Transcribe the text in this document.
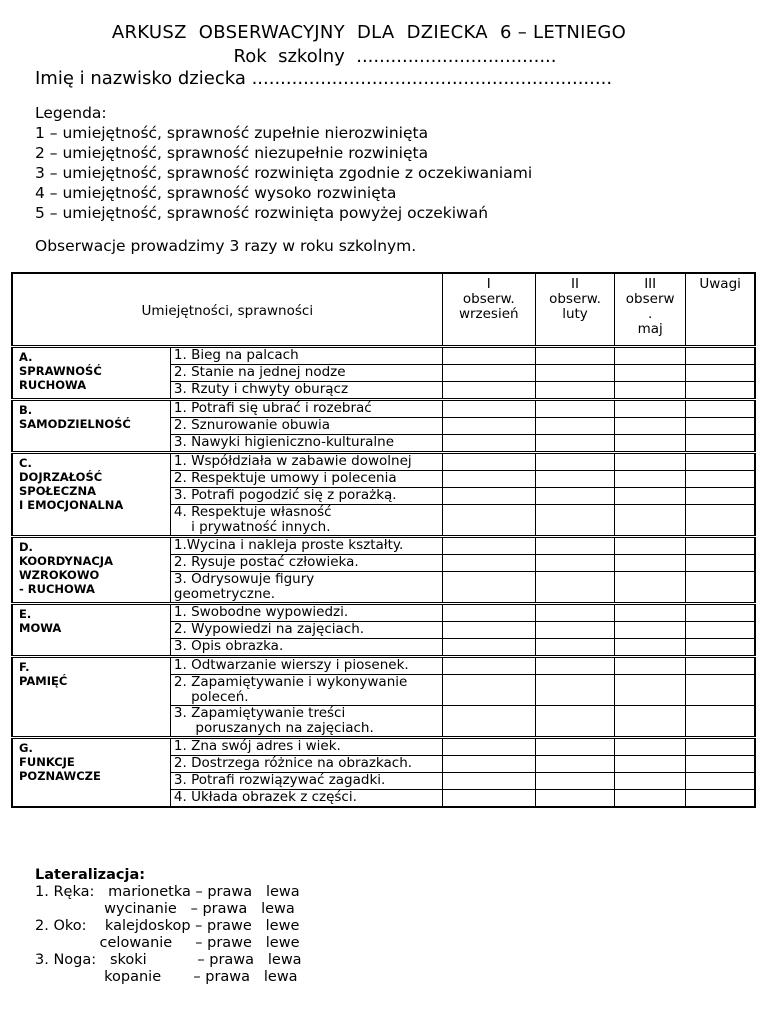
ARKUSZ  OBSERWACYJNY  DLA  DZIECKA  6 – LETNIEGO
Rok  szkolny  ...................................
Imię i nazwisko dziecka ...............................................................
Legenda:
1 – umiejętność, sprawność zupełnie nierozwinięta
2 – umiejętność, sprawność niezupełnie rozwinięta
3 – umiejętność, sprawność rozwinięta zgodnie z oczekiwaniami
4 – umiejętność, sprawność wysoko rozwinięta
5 – umiejętność, sprawność rozwinięta powyżej oczekiwań
Obserwacje prowadzimy 3 razy w roku szkolnym.
Umiejętności, sprawności		I
obserw.
wrzesień	II
obserw.
luty	III
obserw
.
maj	Uwagi
A.
SPRAWNOŚĆ
RUCHOWA	1. Bieg na palcach				
	2. Stanie na jednej nodze				
	3. Rzuty i chwyty oburącz				
B.
SAMODZIELNOŚĆ	1. Potrafi się ubrać i rozebrać				
	2. Sznurowanie obuwia				
	3. Nawyki higieniczno-kulturalne				
C.
DOJRZAŁOŚĆ
SPOŁECZNA
I EMOCJONALNA	1. Współdziała w zabawie dowolnej				
	2. Respektuje umowy i polecenia				
	3. Potrafi pogodzić się z porażką.				
	4. Respektuje własność
i prywatność innych.				
D.
KOORDYNACJA
WZROKOWO
- RUCHOWA	1.Wycina i nakleja proste kształty.				
	2. Rysuje postać człowieka.				
	3. Odrysowuje figury
geometryczne.				
E.
MOWA	1. Swobodne wypowiedzi.				
	2. Wypowiedzi na zajęciach.				
	3. Opis obrazka.				
F.
PAMIĘĆ	1. Odtwarzanie wierszy i piosenek.				
	2. Zapamiętywanie i wykonywanie
poleceń.				
	3. Zapamiętywanie treści
poruszanych na zajęciach.				
G.
FUNKCJE
POZNAWCZE	1. Zna swój adres i wiek.				
	2. Dostrzega różnice na obrazkach.				
	3. Potrafi rozwiązywać zagadki.				
	4. Układa obrazek z części.				
Lateralizacja:
1. Ręka:   marionetka – prawa   lewa
wycinanie   – prawa   lewa
2. Oko:    kalejdoskop – prawe   lewe
celowanie     – prawe   lewe
3. Noga:   skoki           – prawa   lewa
kopanie       – prawa   lewa
